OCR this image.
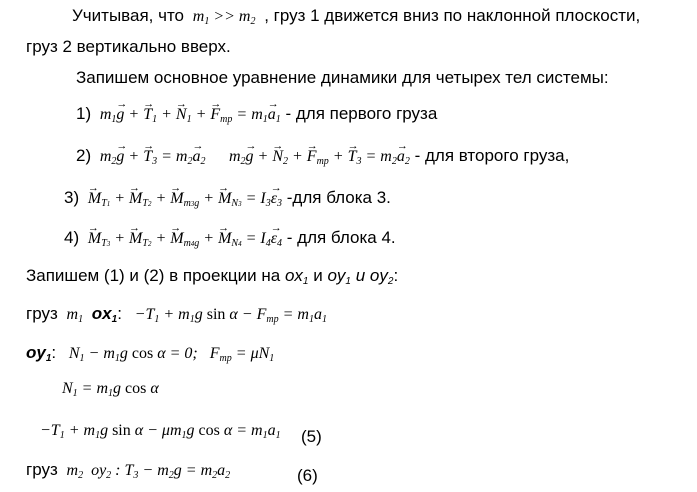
Учитывая, что  $m_1 >> m_2$ , груз 1 движется вниз по наклонной плоскости,
груз 2 вертикально вверх.
Запишем основное уравнение динамики для четырех тел системы:
1)  $m_1\to g$ + → $T_1$ + → $N_1$ + → $F_{тр} = m_1\to a_1$ - для первого груза
2)  $m_2\to g$ + → $T_3 = m_2\to a_2$ $m_2\to g$ + → $N_2$ + → $F_{тр}$ + → $T_3 = m_2\to a_2$ - для второго груза,
$3) \to M_{T1}$ + → $M_{T2}$ + → $M_{m3g}$ + → $M_{N3} = I_3\to \varepsilon_3$ -для блока 3.
$4) \to M_{T3}$ + → $M_{T2}$ + → $M_{m4g}$ + → $M_{N4} = I_4\to \varepsilon_4$ - для блока 4.
Запишем (1) и (2) в проекции на $ox_1$ и $oy_1$ и $oy_2$:
груз  $m_1$ $ox_1$:   $-T_1 + m_1g$ $\sin \alpha - F_{тр} = m_1a_1$
$oy_1$:   $N_1 - m_1g$ cos α = 0;   $F_{тр} = \mu N_1$
$N_1 = m_1g$ cos α
$-T_1 + m_1g$ $\sin \alpha - \mu m_1g$ $\cos \alpha = m_1a_1$ (5)
груз  $m_2$  $oy_2$ : $T_3 - m_2g = m_2a_2$	(6)
